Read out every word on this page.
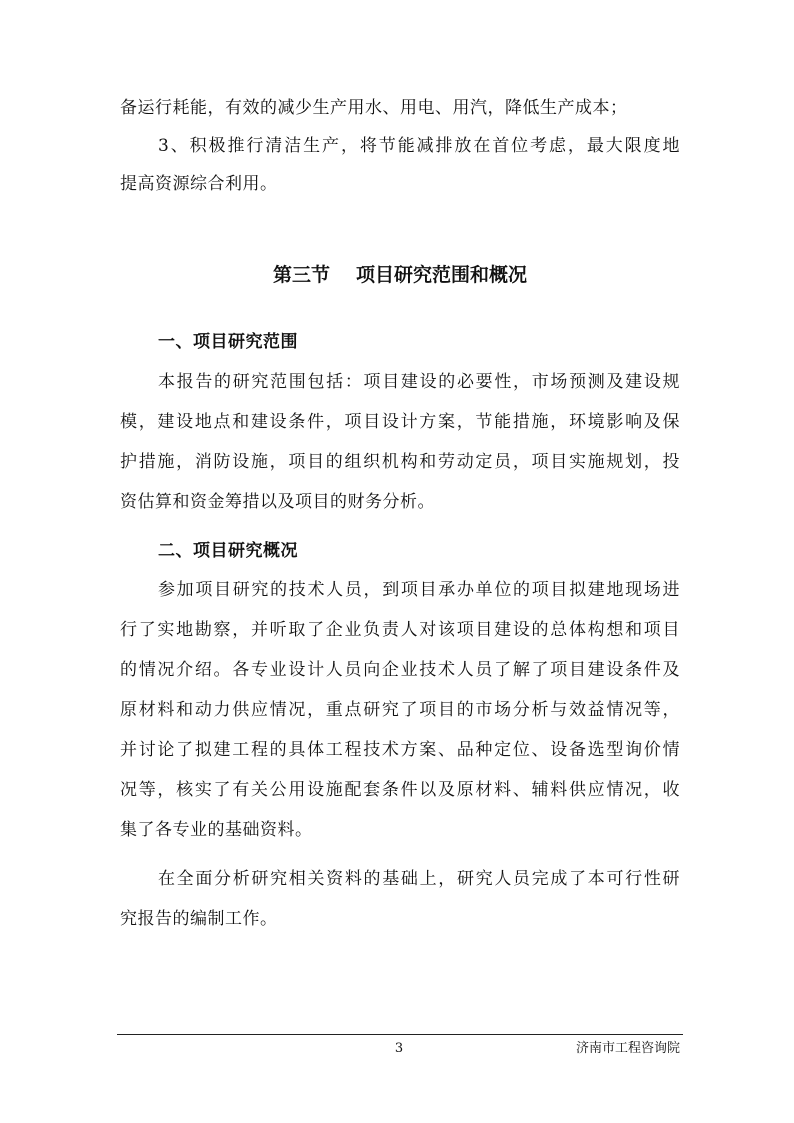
备运行耗能，有效的减少生产用水、用电、用汽，降低生产成本；
3、积极推行清洁生产，将节能减排放在首位考虑，最大限度地
提高资源综合利用。
第三节 项目研究范围和概况
一、项目研究范围
本报告的研究范围包括：项目建设的必要性，市场预测及建设规
模，建设地点和建设条件，项目设计方案，节能措施，环境影响及保
护措施，消防设施，项目的组织机构和劳动定员，项目实施规划，投
资估算和资金筹措以及项目的财务分析。
二、项目研究概况
参加项目研究的技术人员，到项目承办单位的项目拟建地现场进
行了实地勘察，并听取了企业负责人对该项目建设的总体构想和项目
的情况介绍。各专业设计人员向企业技术人员了解了项目建设条件及
原材料和动力供应情况，重点研究了项目的市场分析与效益情况等，
并讨论了拟建工程的具体工程技术方案、品种定位、设备选型询价情
况等，核实了有关公用设施配套条件以及原材料、辅料供应情况，收
集了各专业的基础资料。
在全面分析研究相关资料的基础上，研究人员完成了本可行性研
究报告的编制工作。
3	济南市工程咨询院
